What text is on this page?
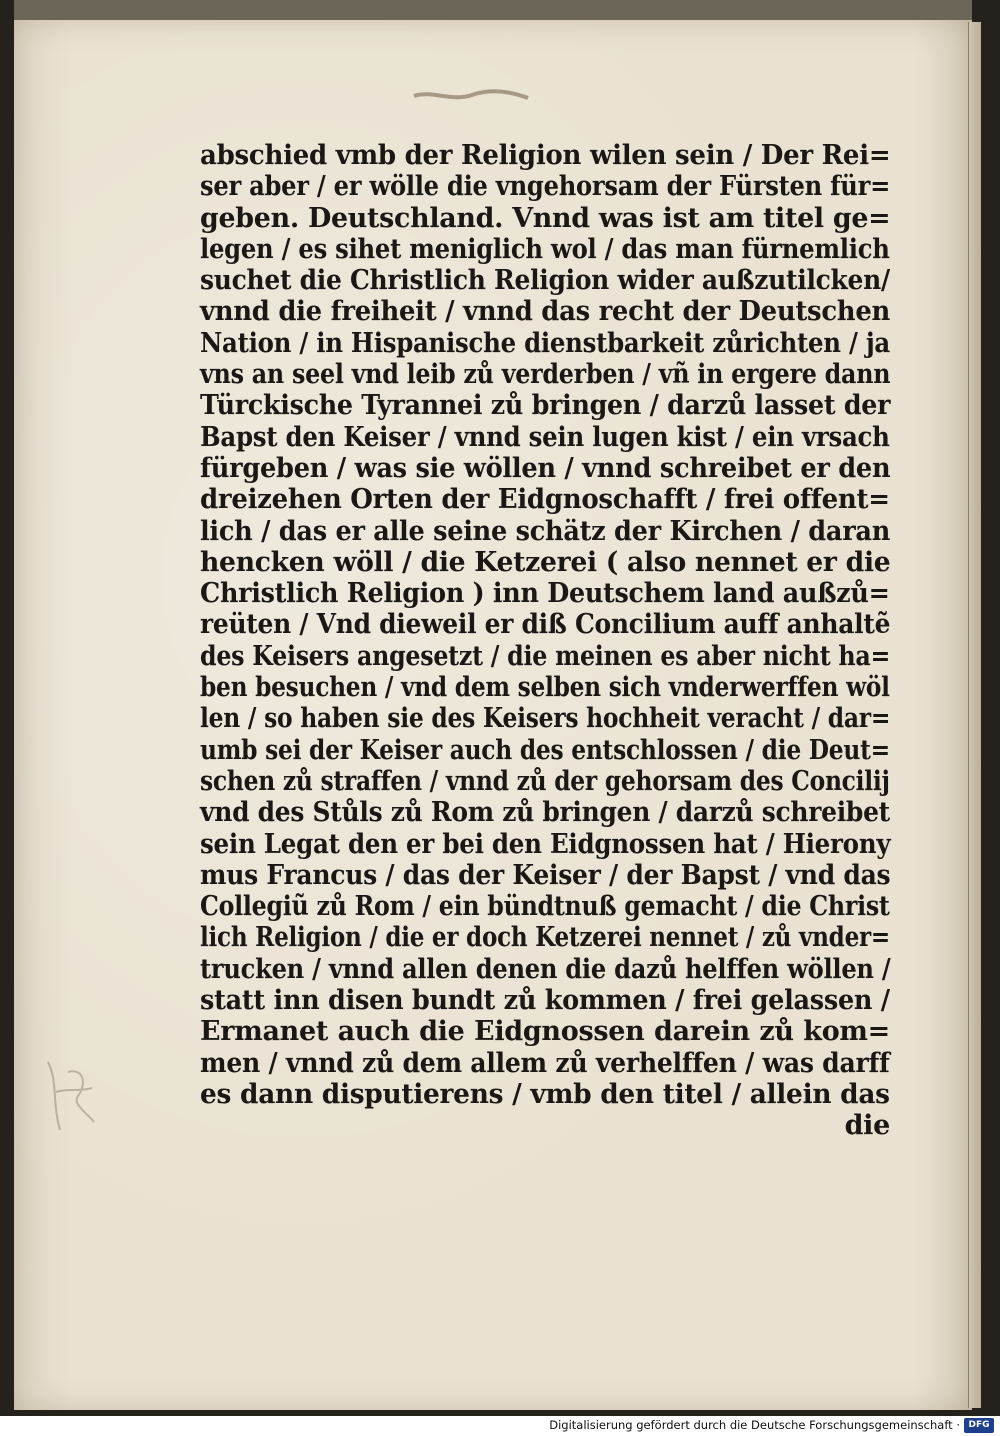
abschied vmb der Religion wilen sein / Der Rei=
ser aber / er wölle die vngehorsam der Fürsten für=
geben. Deutschland. Vnnd was ist am titel ge=
legen / es sihet meniglich wol / das man fürnemlich
suchet die Christlich Religion wider außzutilcken/
vnnd die freiheit / vnnd das recht der Deutschen
Nation / in Hispanische dienstbarkeit zůrichten / ja
vns an seel vnd leib zů verderben / vñ in ergere dann
Türckische Tyrannei zů bringen / darzů lasset der
Bapst den Keiser / vnnd sein lugen kist / ein vrsach
fürgeben / was sie wöllen / vnnd schreibet er den
dreizehen Orten der Eidgnoschafft / frei offent=
lich / das er alle seine schätz der Kirchen / daran
hencken wöll / die Ketzerei ( also nennet er die
Christlich Religion ) inn Deutschem land außzů=
reüten / Vnd dieweil er diß Concilium auff anhaltẽ
des Keisers angesetzt / die meinen es aber nicht ha=
ben besuchen / vnd dem selben sich vnderwerffen wöl
len / so haben sie des Keisers hochheit veracht / dar=
umb sei der Keiser auch des entschlossen / die Deut=
schen zů straffen / vnnd zů der gehorsam des Concilij
vnd des Stůls zů Rom zů bringen / darzů schreibet
sein Legat den er bei den Eidgnossen hat / Hierony
mus Francus / das der Keiser / der Bapst / vnd das
Collegiũ zů Rom / ein bündtnuß gemacht / die Christ
lich Religion / die er doch Ketzerei nennet / zů vnder=
trucken / vnnd allen denen die dazů helffen wöllen /
statt inn disen bundt zů kommen / frei gelassen /
Ermanet auch die Eidgnossen darein zů kom=
men / vnnd zů dem allem zů verhelffen / was darff
es dann disputierens / vmb den titel / allein das
die
Digitalisierung gefördert durch die Deutsche Forschungsgemeinschaft · DFG
